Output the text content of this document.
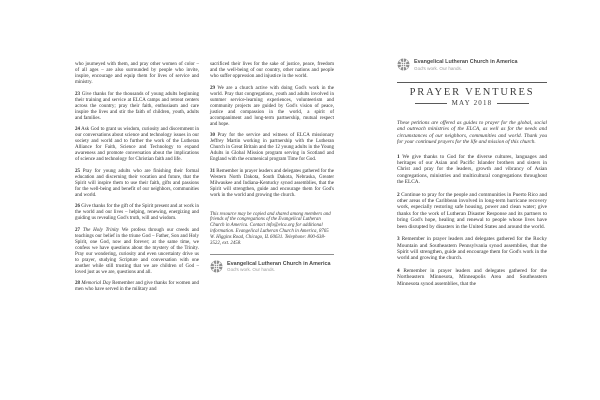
who journeyed with them, and pray other women of color – of all ages – are also surrounded by people who invite, inspire, encourage and equip them for lives of service and ministry.

23 Give thanks for the thousands of young adults beginning their training and service at ELCA camps and retreat centers across the country; pray their faith, enthusiasm and care inspire the lives and stir the faith of children, youth, adults and families.

24 Ask God to grant us wisdom, curiosity and discernment in our conversations about science and technology issues in our society and world and to further the work of the Lutheran Alliance for Faith, Science and Technology to expand awareness and promote conversation about the implications of science and technology for Christian faith and life.

25 Pray for young adults who are finishing their formal education and discerning their vocation and future, that the Spirit will inspire them to use their faith, gifts and passions for the well-being and benefit of our neighbors, communities and world.

26 Give thanks for the gift of the Spirit present and at work in the world and our lives – helping, renewing, energizing and guiding us revealing God's truth, will and wisdom.

27 The Holy Trinity We profess through our creeds and teachings our belief in the triune God – Father, Son and Holy Spirit, one God, now and forever; at the same time, we confess we have questions about the mystery of the Trinity. Pray our wondering, curiosity and even uncertainty drive us to prayer, studying Scripture and conversation with one another while still trusting that we are children of God – loved just as we are, questions and all.

28 Memorial Day Remember and give thanks for women and men who have served in the military and

sacrificed their lives for the sake of justice, peace, freedom and the well-being of our country, other nations and people who suffer oppression and injustice in the world.

29 We are a church active with doing God's work in the world. Pray that congregations, youth and adults involved in summer service-learning experiences, volunteerism and community projects are guided by God's vision of peace, justice and compassion in the world, a spirit of accompaniment and long-term partnership, mutual respect and hope.

30 Pray for the service and witness of ELCA missionary Jeffrey Martin working in partnership with the Lutheran Church in Great Britain and the 12 young adults in the Young Adults in Global Mission program serving in Scotland and England with the ecumenical program Time for God.

31 Remember in prayer leaders and delegates gathered for the Western North Dakota, South Dakota, Nebraska, Greater Milwaukee and Indiana-Kentucky synod assemblies, that the Spirit will strengthen, guide and encourage them for God's work in the world and growing the church.

This resource may be copied and shared among members and friends of the congregations of the Evangelical Lutheran Church in America. Contact info@elca.org for additional information. Evangelical Lutheran Church in America, 8765 W. Higgins Road, Chicago, IL 60631. Telephone: 800-638-3522, ext. 2458.

Evangelical Lutheran Church in America
God's work. Our hands.
Evangelical Lutheran Church in America
God's work. Our hands.
PRAYER VENTURES
MAY 2018

These petitions are offered as guides to prayer for the global, social and outreach ministries of the ELCA, as well as for the needs and circumstances of our neighbors, communities and world. Thank you for your continued prayers for the life and mission of this church.

1 We give thanks to God for the diverse cultures, languages and heritages of our Asian and Pacific Islander brothers and sisters in Christ and pray for the leaders, growth and vibrancy of Asian congregations, ministries and multicultural congregations throughout the ELCA.

2 Continue to pray for the people and communities in Puerto Rico and other areas of the Caribbean involved in long-term hurricane recovery work, especially restoring safe housing, power and clean water; give thanks for the work of Lutheran Disaster Response and its partners to bring God's hope, healing and renewal to people whose lives have been disrupted by disasters in the United States and around the world.

3 Remember in prayer leaders and delegates gathered for the Rocky Mountain and Southeastern Pennsylvania synod assemblies, that the Spirit will strengthen, guide and encourage them for God's work in the world and growing the church.

4 Remember in prayer leaders and delegates gathered for the Northeastern Minnesota, Minneapolis Area and Southeastern Minnesota synod assemblies, that the
